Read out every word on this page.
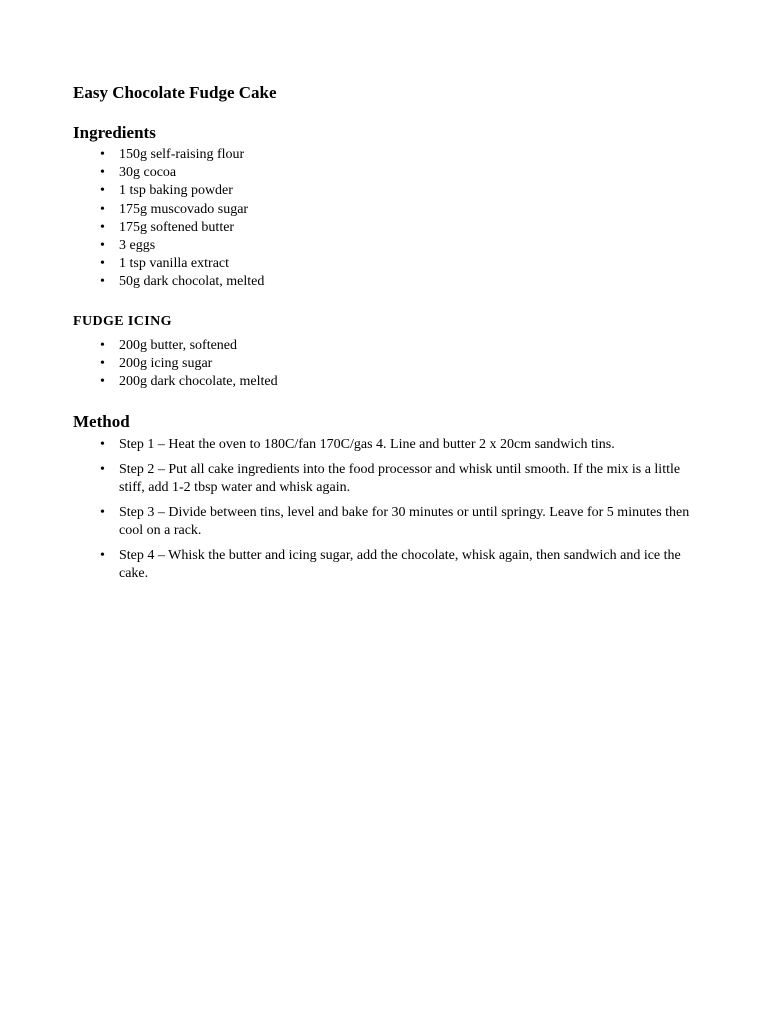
Easy Chocolate Fudge Cake
Ingredients
• 150g self-raising flour
• 30g cocoa
• 1 tsp baking powder
• 175g muscovado sugar
• 175g softened butter
• 3 eggs
• 1 tsp vanilla extract
• 50g dark chocolat, melted
FUDGE ICING
• 200g butter, softened
• 200g icing sugar
• 200g dark chocolate, melted
Method
• Step 1 – Heat the oven to 180C/fan 170C/gas 4. Line and butter 2 x 20cm sandwich tins.
• Step 2 – Put all cake ingredients into the food processor and whisk until smooth. If the mix is a little stiff, add 1-2 tbsp water and whisk again.
• Step 3 – Divide between tins, level and bake for 30 minutes or until springy. Leave for 5 minutes then cool on a rack.
• Step 4 – Whisk the butter and icing sugar, add the chocolate, whisk again, then sandwich and ice the cake.
